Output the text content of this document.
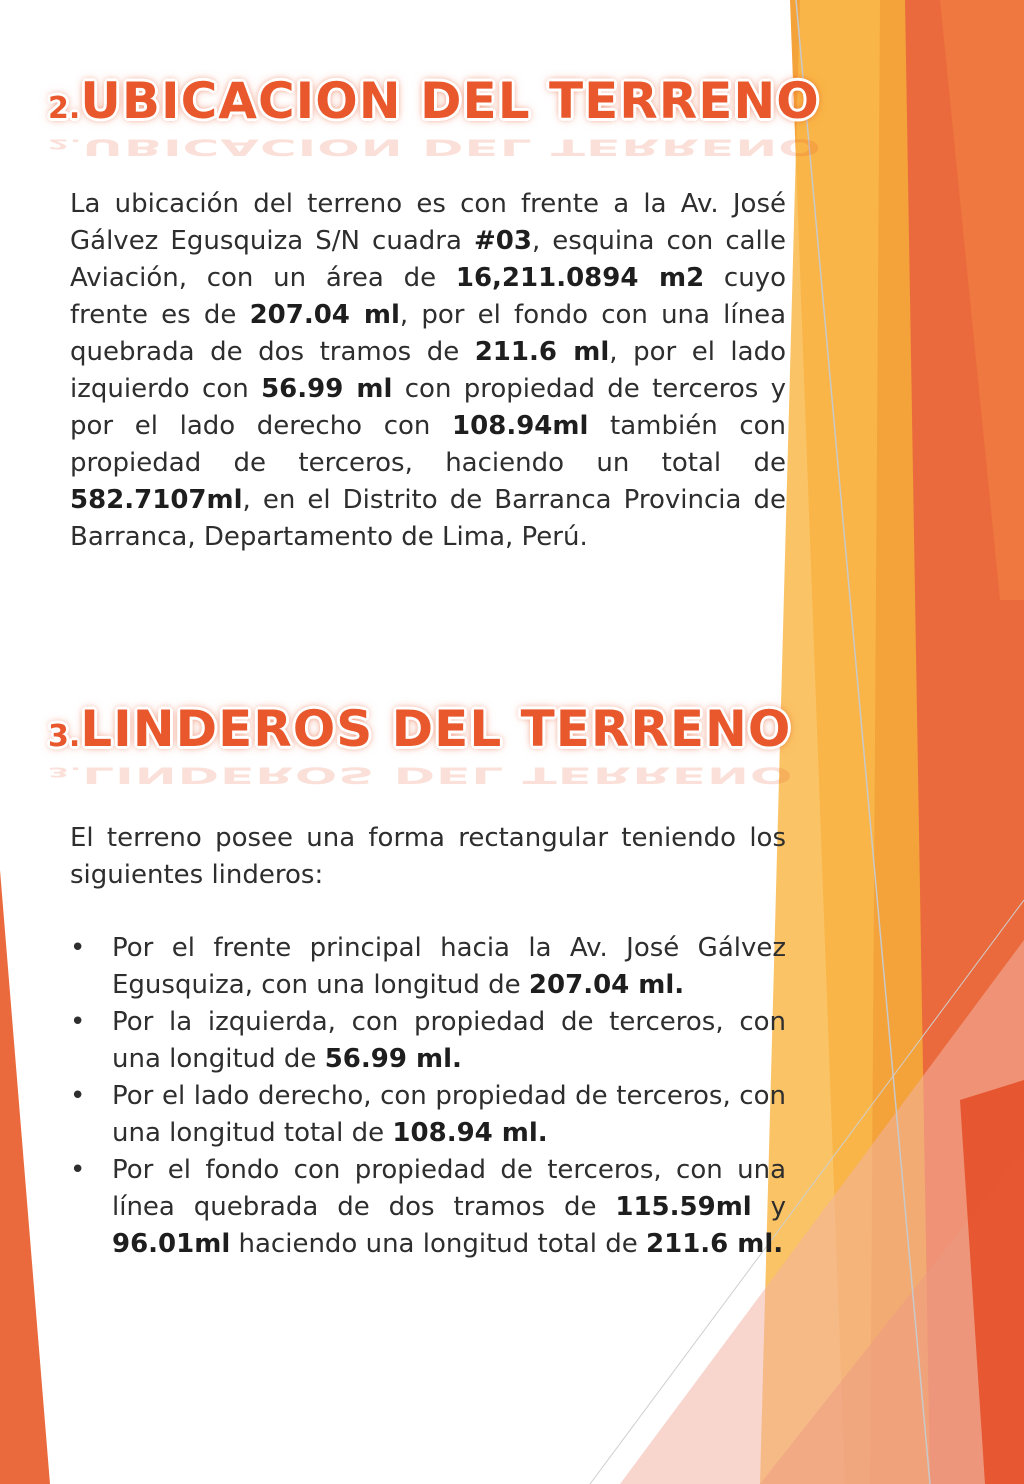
2.UBICACION DEL TERRENO
2.UBICACION DEL TERRENO

La ubicación del terreno es con frente a la Av. José Gálvez Egusquiza S/N cuadra #03, esquina con calle Aviación, con un área de 16,211.0894 m2 cuyo frente es de 207.04 ml, por el fondo con una línea quebrada de dos tramos de 211.6 ml, por el lado izquierdo con 56.99 ml con propiedad de terceros y por el lado derecho con 108.94ml también con propiedad de terceros, haciendo un total de 582.7107ml, en el Distrito de Barranca Provincia de Barranca, Departamento de Lima, Perú.

3.LINDEROS DEL TERRENO
3.LINDEROS DEL TERRENO

El terreno posee una forma rectangular teniendo los siguientes linderos:

• Por el frente principal hacia la Av. José Gálvez Egusquiza, con una longitud de 207.04 ml.
• Por la izquierda, con propiedad de terceros, con una longitud de 56.99 ml.
• Por el lado derecho, con propiedad de terceros, con una longitud total de 108.94 ml.
• Por el fondo con propiedad de terceros, con una línea quebrada de dos tramos de 115.59ml y 96.01ml haciendo una longitud total de 211.6 ml.
